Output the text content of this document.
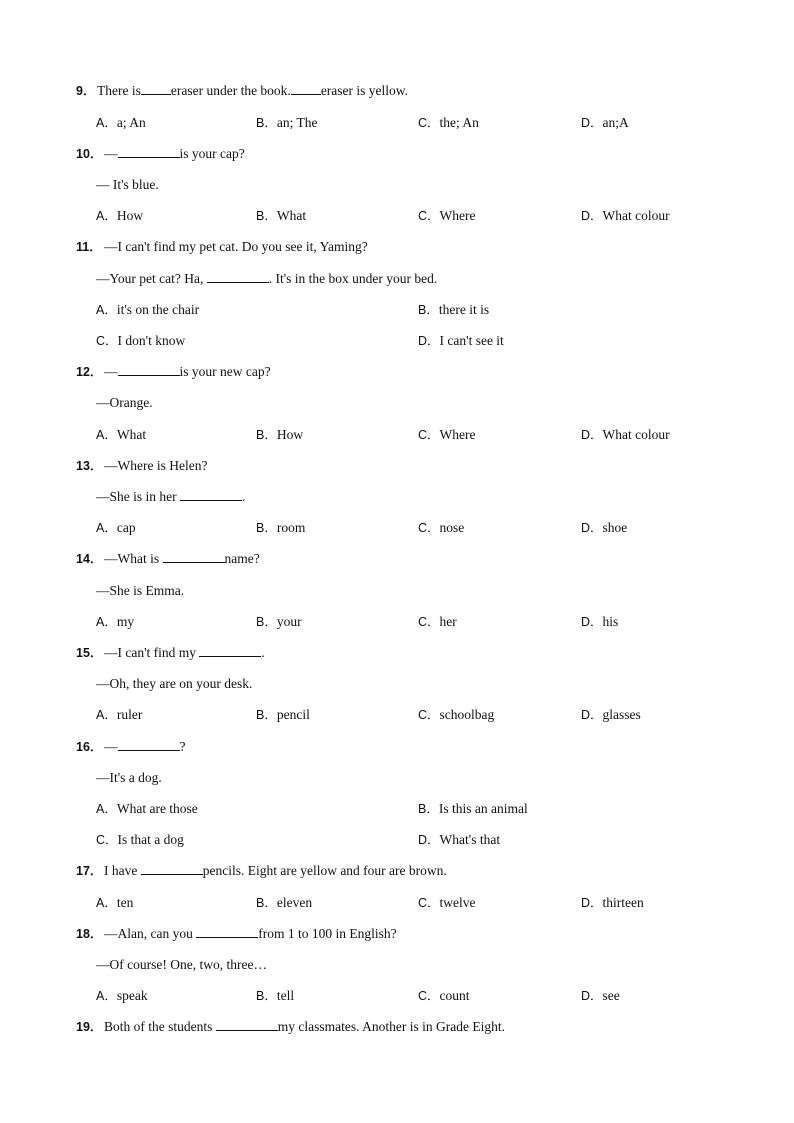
9． There is eraser under the book. eraser is yellow.
A．a; An	B．an; The	C．the; An	D．an;A
10． —	is your cap?
— It's blue.
A．How	B．What	C．Where	D．What colour
11． —I can't find my pet cat. Do you see it, Yaming?
—Your pet cat? Ha,	. It's in the box under your bed.
A．it's on the chair	B．there it is
C．I don't know	D．I can't see it
12． —	is your new cap?
—Orange.
A．What	B．How	C．Where	D．What colour
13． —Where is Helen?
—She is in her	.
A．cap	B．room	C．nose	D．shoe
14． —What is	name?
—She is Emma.
A．my	B．your	C．her	D．his
15． —I can't find my	.
—Oh, they are on your desk.
A．ruler	B．pencil	C．schoolbag	D．glasses
16． —	?
—It's a dog.
A．What are those	B．Is this an animal
C．Is that a dog	D．What's that
17． I have	pencils. Eight are yellow and four are brown.
A．ten	B．eleven	C．twelve	D．thirteen
18． —Alan, can you	from 1 to 100 in English?
—Of course! One, two, three…
A．speak	B．tell	C．count	D．see
19． Both of the students	my classmates. Another is in Grade Eight.
